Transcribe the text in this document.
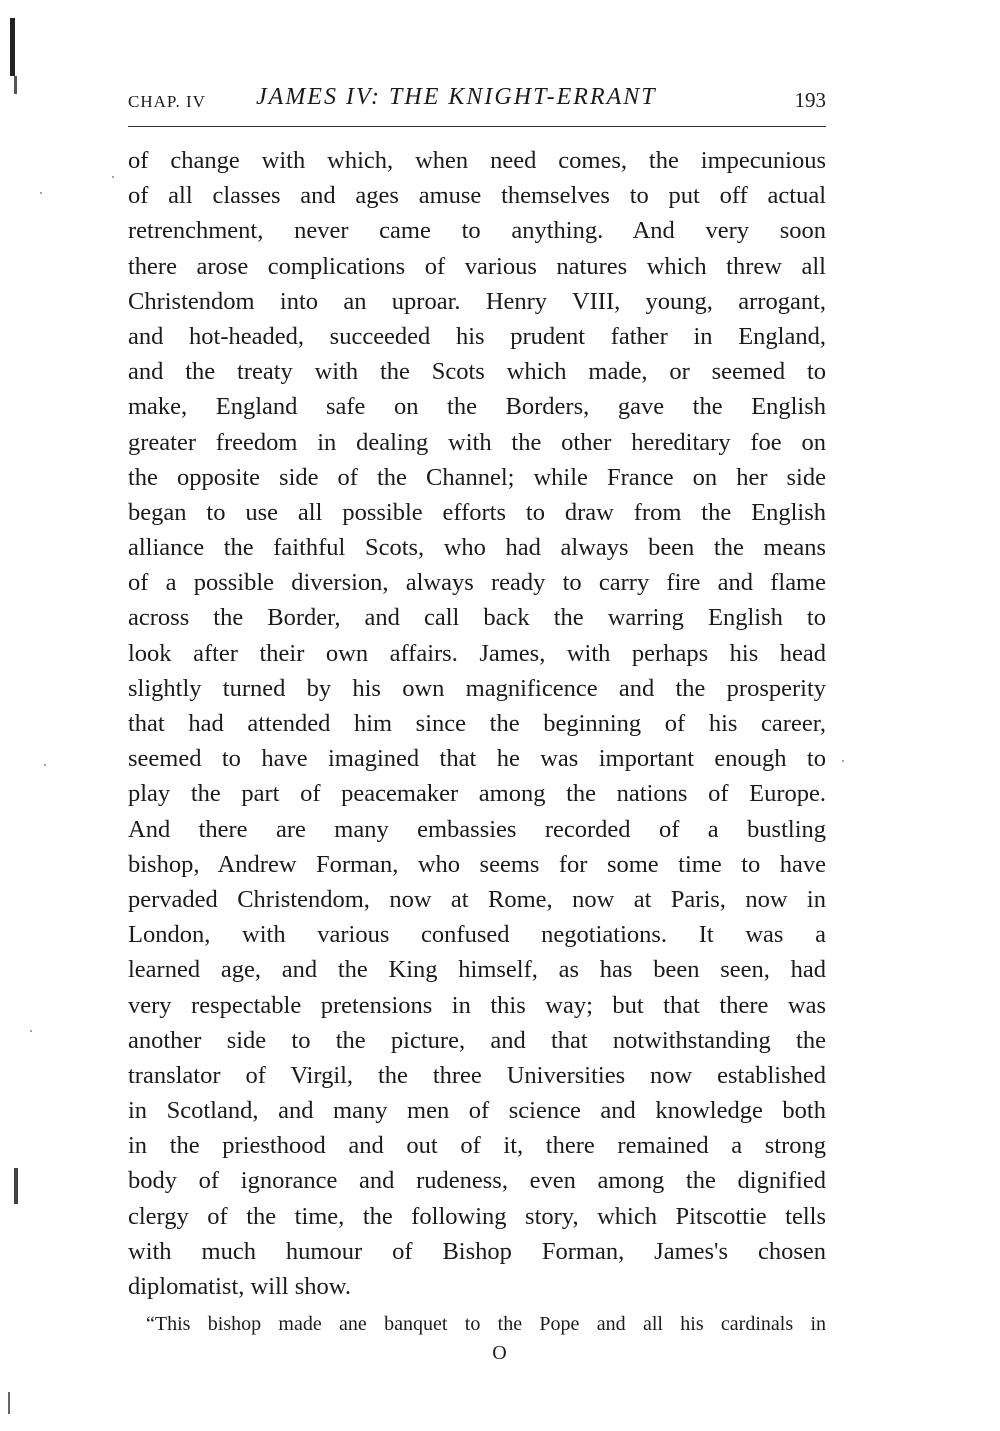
CHAP. IV JAMES IV: THE KNIGHT-ERRANT	193
of change with which, when need comes, the impecunious
of all classes and ages amuse themselves to put off actual
retrenchment, never came to anything. And very soon
there arose complications of various natures which threw all
Christendom into an uproar. Henry VIII, young, arrogant,
and hot-headed, succeeded his prudent father in England,
and the treaty with the Scots which made, or seemed to
make, England safe on the Borders, gave the English
greater freedom in dealing with the other hereditary foe on
the opposite side of the Channel; while France on her side
began to use all possible efforts to draw from the English
alliance the faithful Scots, who had always been the means
of a possible diversion, always ready to carry fire and flame
across the Border, and call back the warring English to
look after their own affairs. James, with perhaps his head
slightly turned by his own magnificence and the prosperity
that had attended him since the beginning of his career,
seemed to have imagined that he was important enough to
play the part of peacemaker among the nations of Europe.
And there are many embassies recorded of a bustling
bishop, Andrew Forman, who seems for some time to have
pervaded Christendom, now at Rome, now at Paris, now in
London, with various confused negotiations. It was a
learned age, and the King himself, as has been seen, had
very respectable pretensions in this way; but that there was
another side to the picture, and that notwithstanding the
translator of Virgil, the three Universities now established
in Scotland, and many men of science and knowledge both
in the priesthood and out of it, there remained a strong
body of ignorance and rudeness, even among the dignified
clergy of the time, the following story, which Pitscottie tells
with much humour of Bishop Forman, James's chosen
diplomatist, will show.
“This bishop made ane banquet to the Pope and all his cardinals in
O
